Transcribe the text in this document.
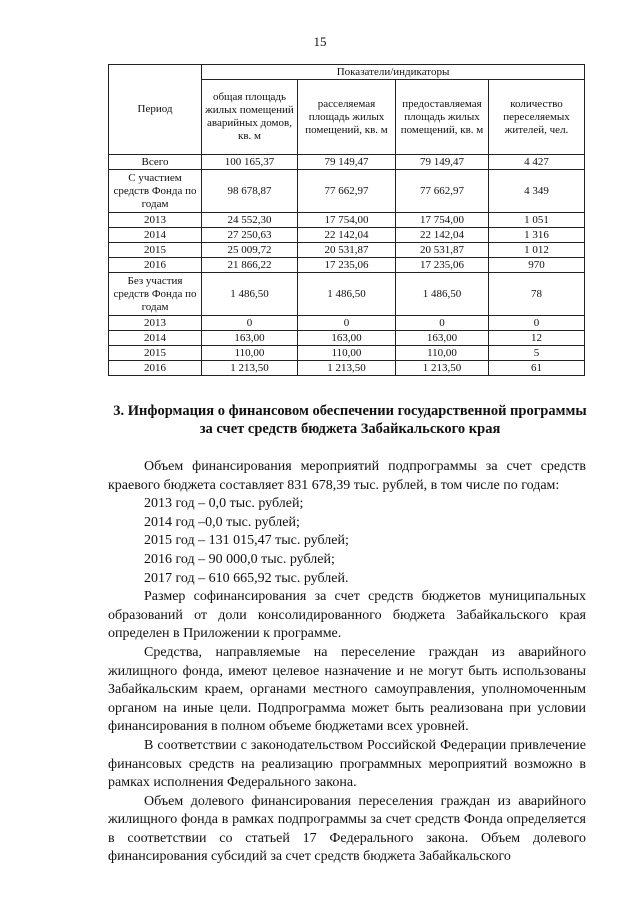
15
Период	Показатели/индикаторы			
	общая площадь жилых помещений аварийных домов, кв. м	расселяемая площадь жилых помещений, кв. м	предоставляемая площадь жилых помещений, кв. м	количество переселяемых жителей, чел.
Всего	100 165,37	79 149,47	79 149,47	4 427
С участием средств Фонда по годам	98 678,87	77 662,97	77 662,97	4 349
2013	24 552,30	17 754,00	17 754,00	1 051
2014	27 250,63	22 142,04	22 142,04	1 316
2015	25 009,72	20 531,87	20 531,87	1 012
2016	21 866,22	17 235,06	17 235,06	970
Без участия средств Фонда по годам	1 486,50	1 486,50	1 486,50	78
2013	0	0	0	0
2014	163,00	163,00	163,00	12
2015	110,00	110,00	110,00	5
2016	1 213,50	1 213,50	1 213,50	61
3. Информация о финансовом обеспечении государственной программы за счет средств бюджета Забайкальского края

Объем финансирования мероприятий подпрограммы за счет средств краевого бюджета составляет 831 678,39 тыс. рублей, в том числе по годам:

2013 год – 0,0 тыс. рублей;

2014 год –0,0 тыс. рублей;

2015 год – 131 015,47 тыс. рублей;

2016 год – 90 000,0 тыс. рублей;

2017 год – 610 665,92 тыс. рублей.

Размер софинансирования за счет средств бюджетов муниципальных образований от доли консолидированного бюджета Забайкальского края определен в Приложении к программе.

Средства, направляемые на переселение граждан из аварийного жилищного фонда, имеют целевое назначение и не могут быть использованы Забайкальским краем, органами местного самоуправления, уполномоченным органом на иные цели. Подпрограмма может быть реализована при условии финансирования в полном объеме бюджетами всех уровней.

В соответствии с законодательством Российской Федерации привлечение финансовых средств на реализацию программных мероприятий возможно в рамках исполнения Федерального закона.

Объем долевого финансирования переселения граждан из аварийного жилищного фонда в рамках подпрограммы за счет средств Фонда определяется в соответствии со статьей 17 Федерального закона. Объем долевого финансирования субсидий за счет средств бюджета Забайкальского
